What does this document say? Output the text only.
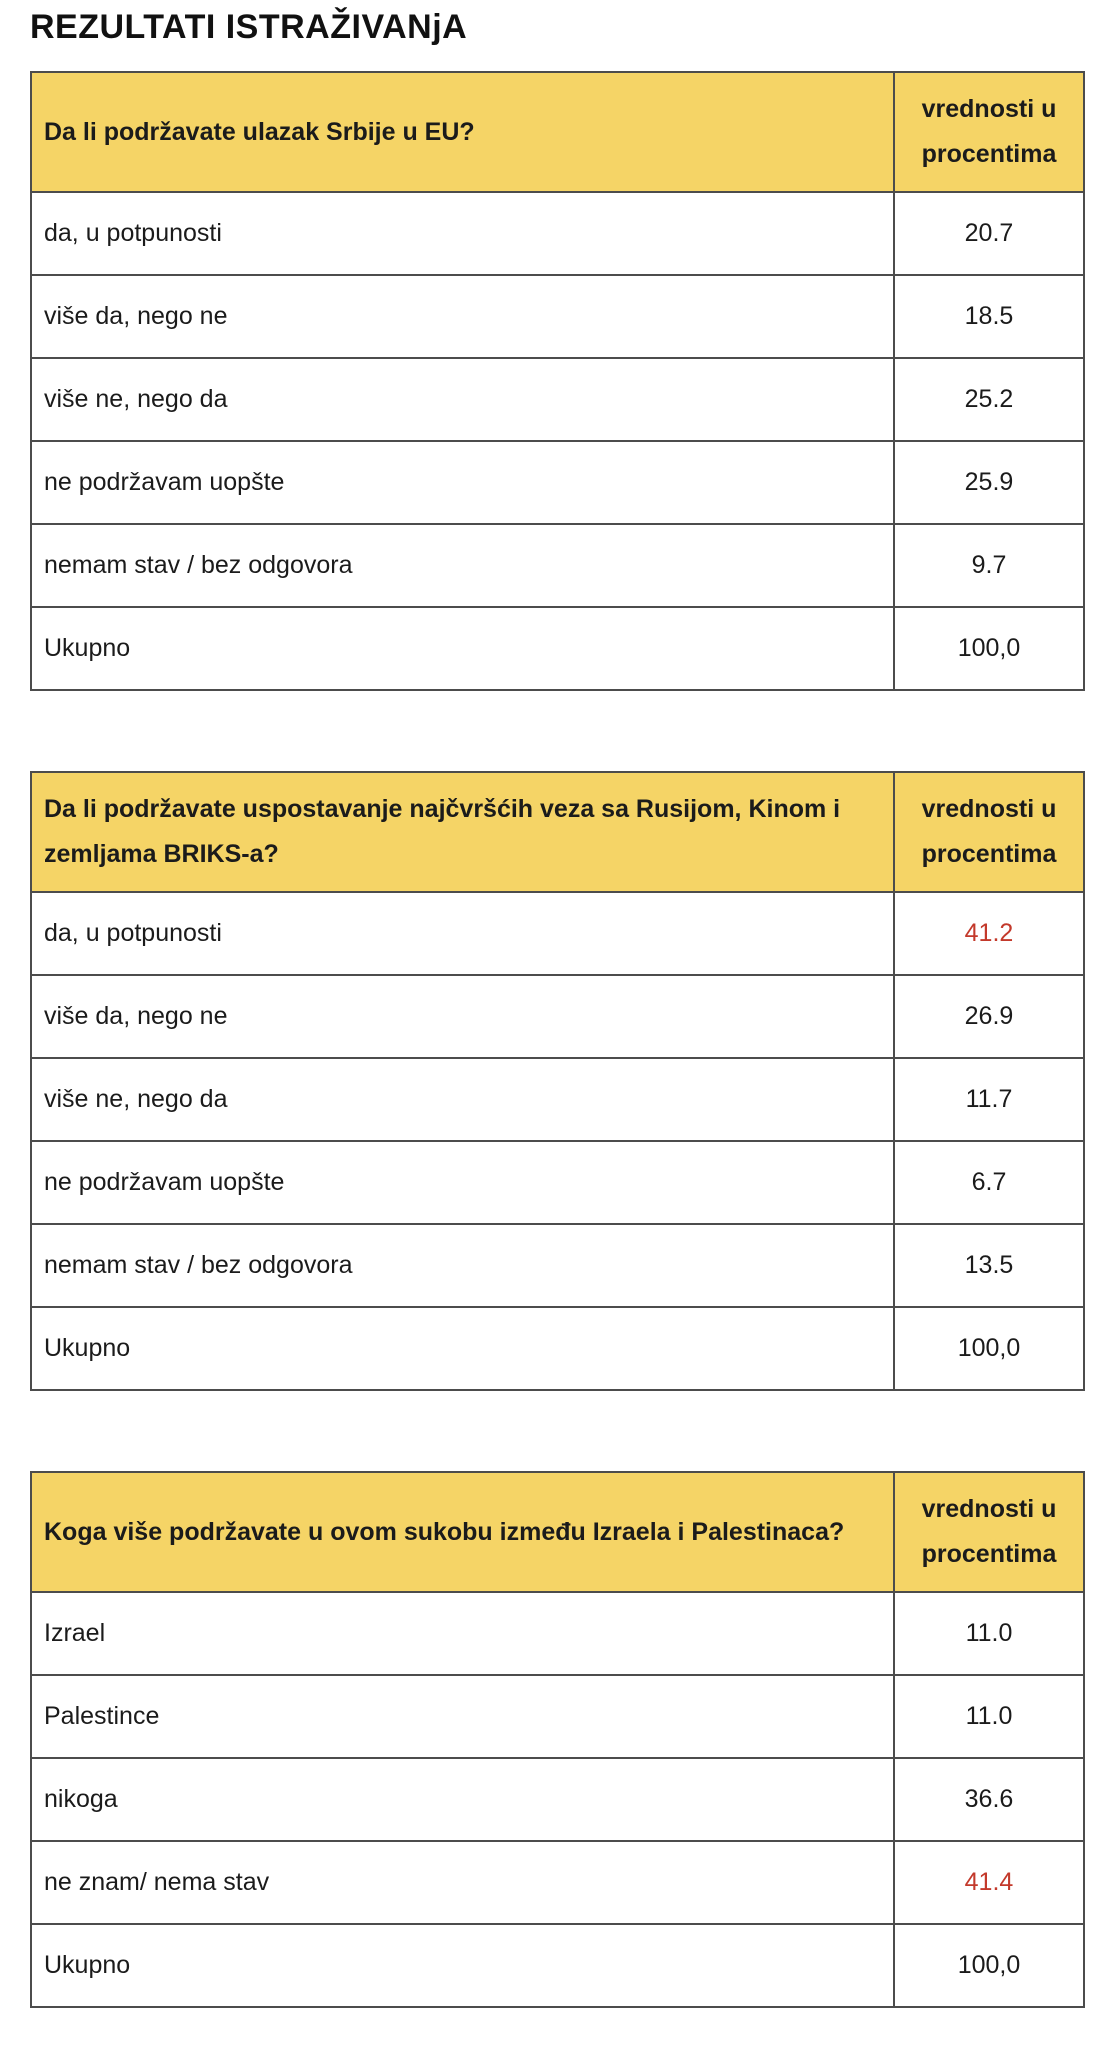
REZULTATI ISTRAŽIVANjA
Da li podržavate ulazak Srbije u EU?	vrednosti u procentima
da, u potpunosti	20.7
više da, nego ne	18.5
više ne, nego da	25.2
ne podržavam uopšte	25.9
nemam stav / bez odgovora	9.7
Ukupno	100,0
Da li podržavate uspostavanje najčvršćih veza sa Rusijom, Kinom i zemljama BRIKS-a?	vrednosti u procentima
da, u potpunosti	41.2
više da, nego ne	26.9
više ne, nego da	11.7
ne podržavam uopšte	6.7
nemam stav / bez odgovora	13.5
Ukupno	100,0
Koga više podržavate u ovom sukobu između Izraela i Palestinaca?	vrednosti u procentima
Izrael	11.0
Palestince	11.0
nikoga	36.6
ne znam/ nema stav	41.4
Ukupno	100,0
